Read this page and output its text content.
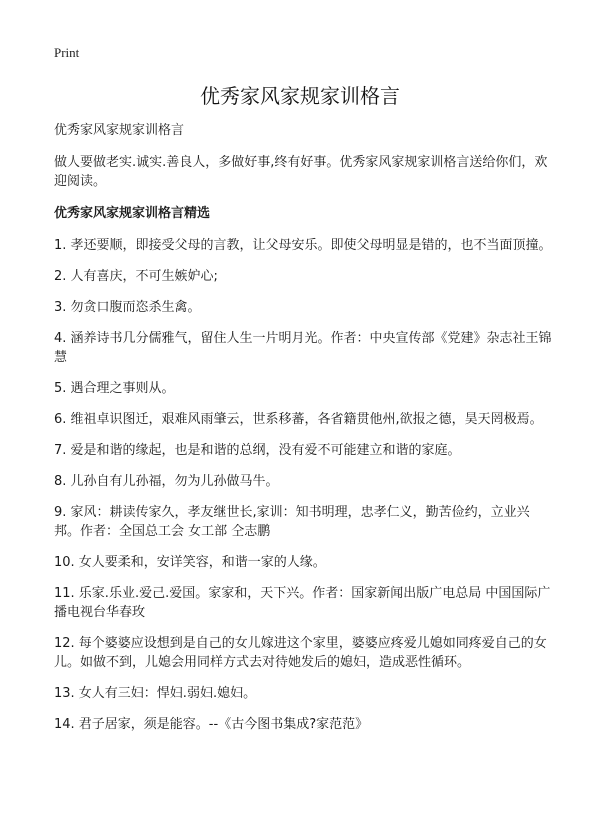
Print
优秀家风家规家训格言

优秀家风家规家训格言

做人要做老实.诚实.善良人，多做好事,终有好事。优秀家风家规家训格言送给你们，欢迎阅读。

优秀家风家规家训格言精选

1. 孝还要顺，即接受父母的言教，让父母安乐。即使父母明显是错的，也不当面顶撞。

2. 人有喜庆，不可生嫉妒心;

3. 勿贪口腹而恣杀生禽。

4. 涵养诗书几分儒雅气，留住人生一片明月光。作者：中央宣传部《党建》杂志社王锦慧

5. 遇合理之事则从。

6. 维祖卓识图迁，艰难风雨肇云，世系移蕃，各省籍贯他州,欲报之德，昊天罔极焉。

7. 爱是和谐的缘起，也是和谐的总纲，没有爱不可能建立和谐的家庭。

8. 儿孙自有儿孙福，勿为儿孙做马牛。

9. 家风：耕读传家久，孝友继世长,家训：知书明理，忠孝仁义，勤苦俭约，立业兴邦。作者：全国总工会 女工部 仝志鹏

10. 女人要柔和，安详笑容，和谐一家的人缘。

11. 乐家.乐业.爱己.爱国。家家和，天下兴。作者：国家新闻出版广电总局 中国国际广播电视台华春玫

12. 每个婆婆应设想到是自己的女儿嫁进这个家里，婆婆应疼爱儿媳如同疼爱自己的女儿。如做不到，儿媳会用同样方式去对待她发后的媳妇，造成恶性循环。

13. 女人有三妇：悍妇.弱妇.媳妇。

14. 君子居家，须是能容。--《古今图书集成?家范范》
